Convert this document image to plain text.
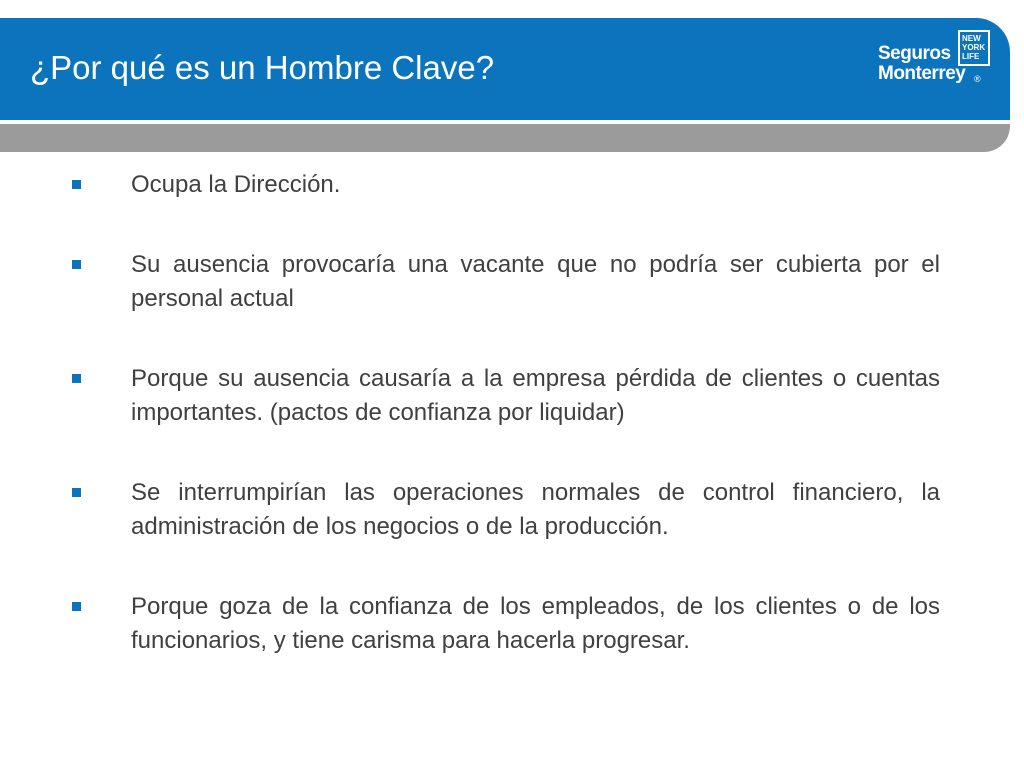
¿Por qué es un Hombre Clave?	Seguros
Monterrey ®
NEW
YORK
LIFE
Ocupa la Dirección.
Su ausencia provocaría una vacante que no podría ser cubierta por el personal actual
Porque su ausencia causaría a la empresa pérdida de clientes o cuentas importantes. (pactos de confianza por liquidar)
Se interrumpirían las operaciones normales de control financiero, la administración de los negocios o de la producción.
Porque goza de la confianza de los empleados, de los clientes o de los funcionarios, y tiene carisma para hacerla progresar.
